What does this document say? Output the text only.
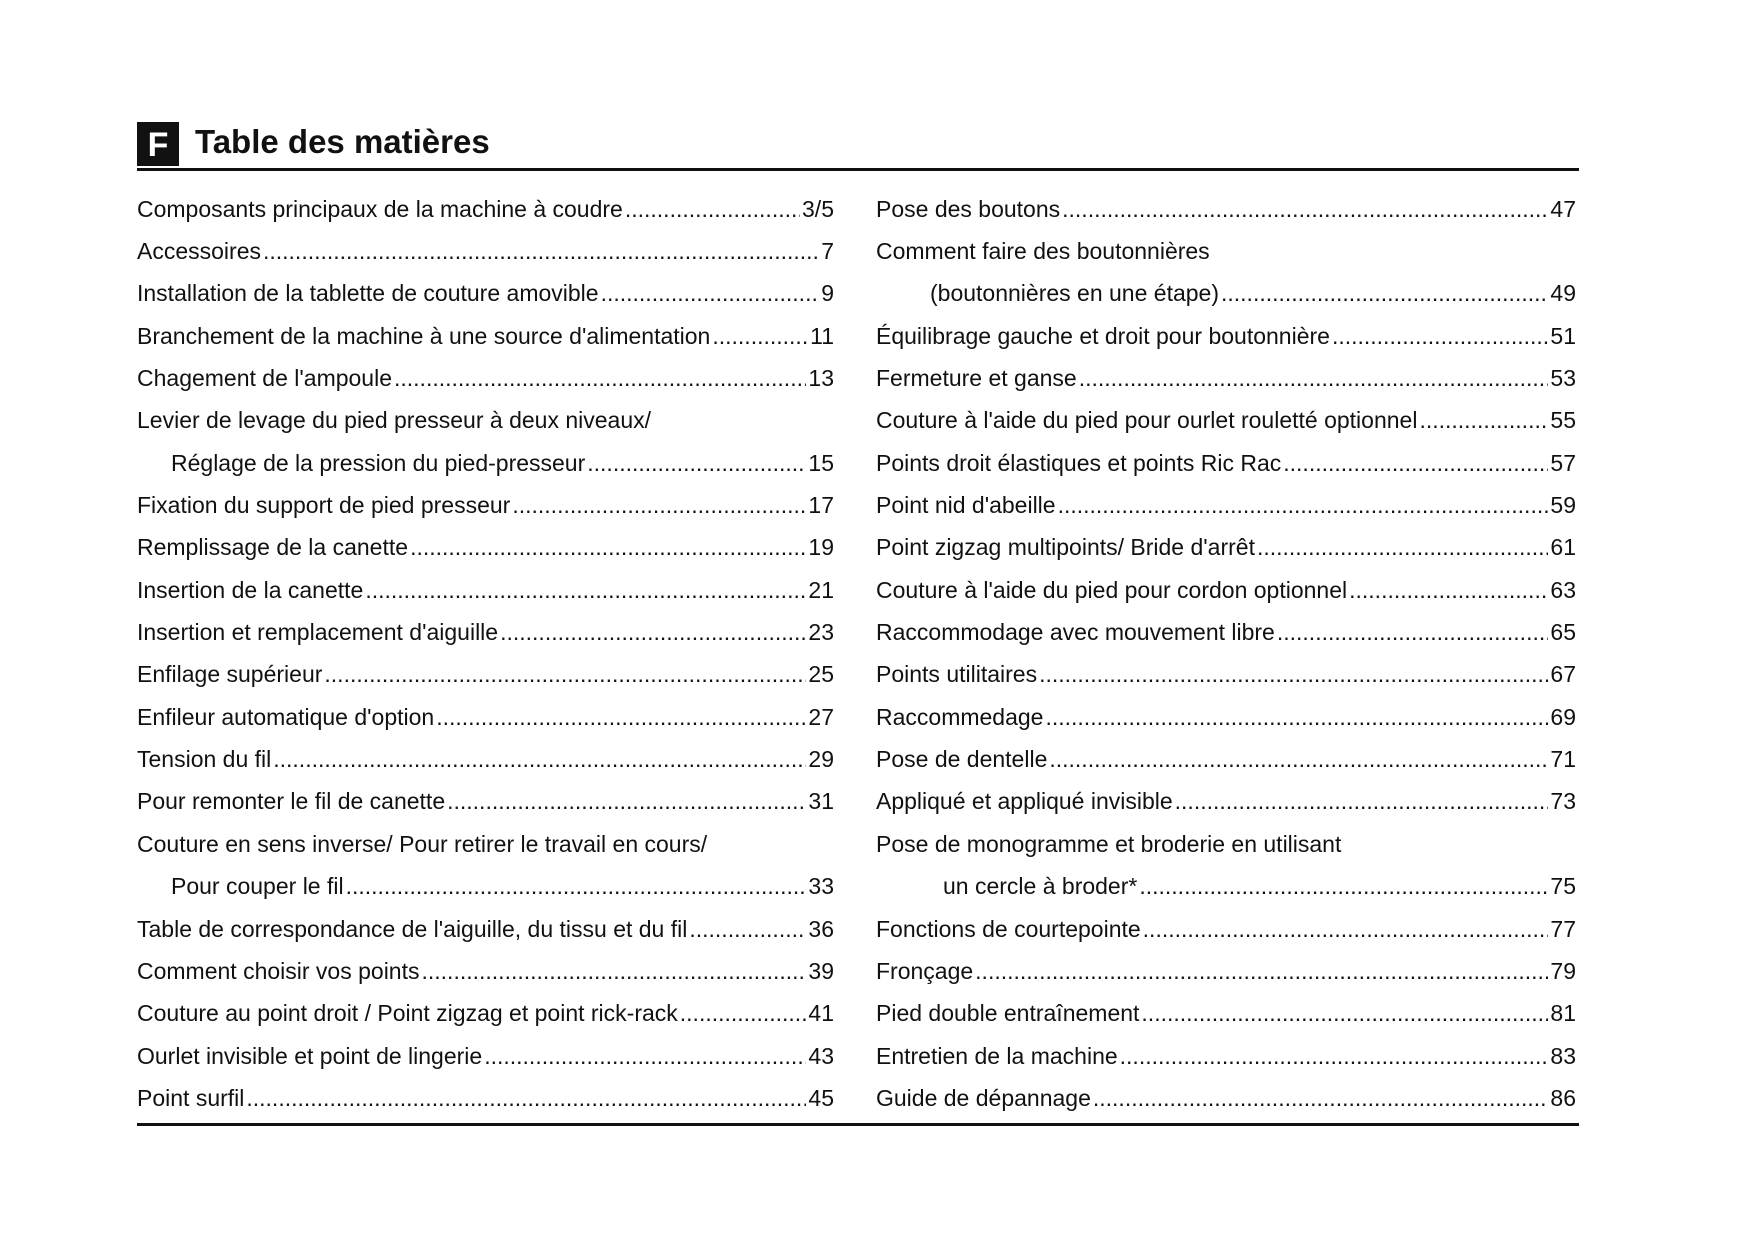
F Table des matières
Composants principaux de la machine à coudre .....	3/5
Accessoires .....	7
Installation de la tablette de couture amovible .....	9
Branchement de la machine à une source d'alimentation .....	11
Chagement de l'ampoule .....	13
Levier de levage du pied presseur à deux niveaux/
Réglage de la pression du pied-presseur .....	15
Fixation du support de pied presseur .....	17
Remplissage de la canette .....	19
Insertion de la canette .....	21
Insertion et remplacement d'aiguille .....	23
Enfilage supérieur .....	25
Enfileur automatique d'option .....	27
Tension du fil .....	29
Pour remonter le fil de canette .....	31
Couture en sens inverse/ Pour retirer le travail en cours/
Pour couper le fil .....	33
Table de correspondance de l'aiguille, du tissu et du fil .....	36
Comment choisir vos points .....	39
Couture au point droit / Point zigzag et point rick-rack .....	41
Ourlet invisible et point de lingerie .....	43
Point surfil .....	45
Pose des boutons .....	47
Comment faire des boutonnières
(boutonnières en une étape) .....	49
Équilibrage gauche et droit pour boutonnière .....	51
Fermeture et ganse .....	53
Couture à l'aide du pied pour ourlet rouletté optionnel .....	55
Points droit élastiques et points Ric Rac .....	57
Point nid d'abeille .....	59
Point zigzag multipoints/ Bride d'arrêt .....	61
Couture à l'aide du pied pour cordon optionnel .....	63
Raccommodage avec mouvement libre .....	65
Points utilitaires .....	67
Raccommedage .....	69
Pose de dentelle .....	71
Appliqué et appliqué invisible .....	73
Pose de monogramme et broderie en utilisant
un cercle à broder* .....	75
Fonctions de courtepointe .....	77
Fronçage .....	79
Pied double entraînement .....	81
Entretien de la machine .....	83
Guide de dépannage .....	86
